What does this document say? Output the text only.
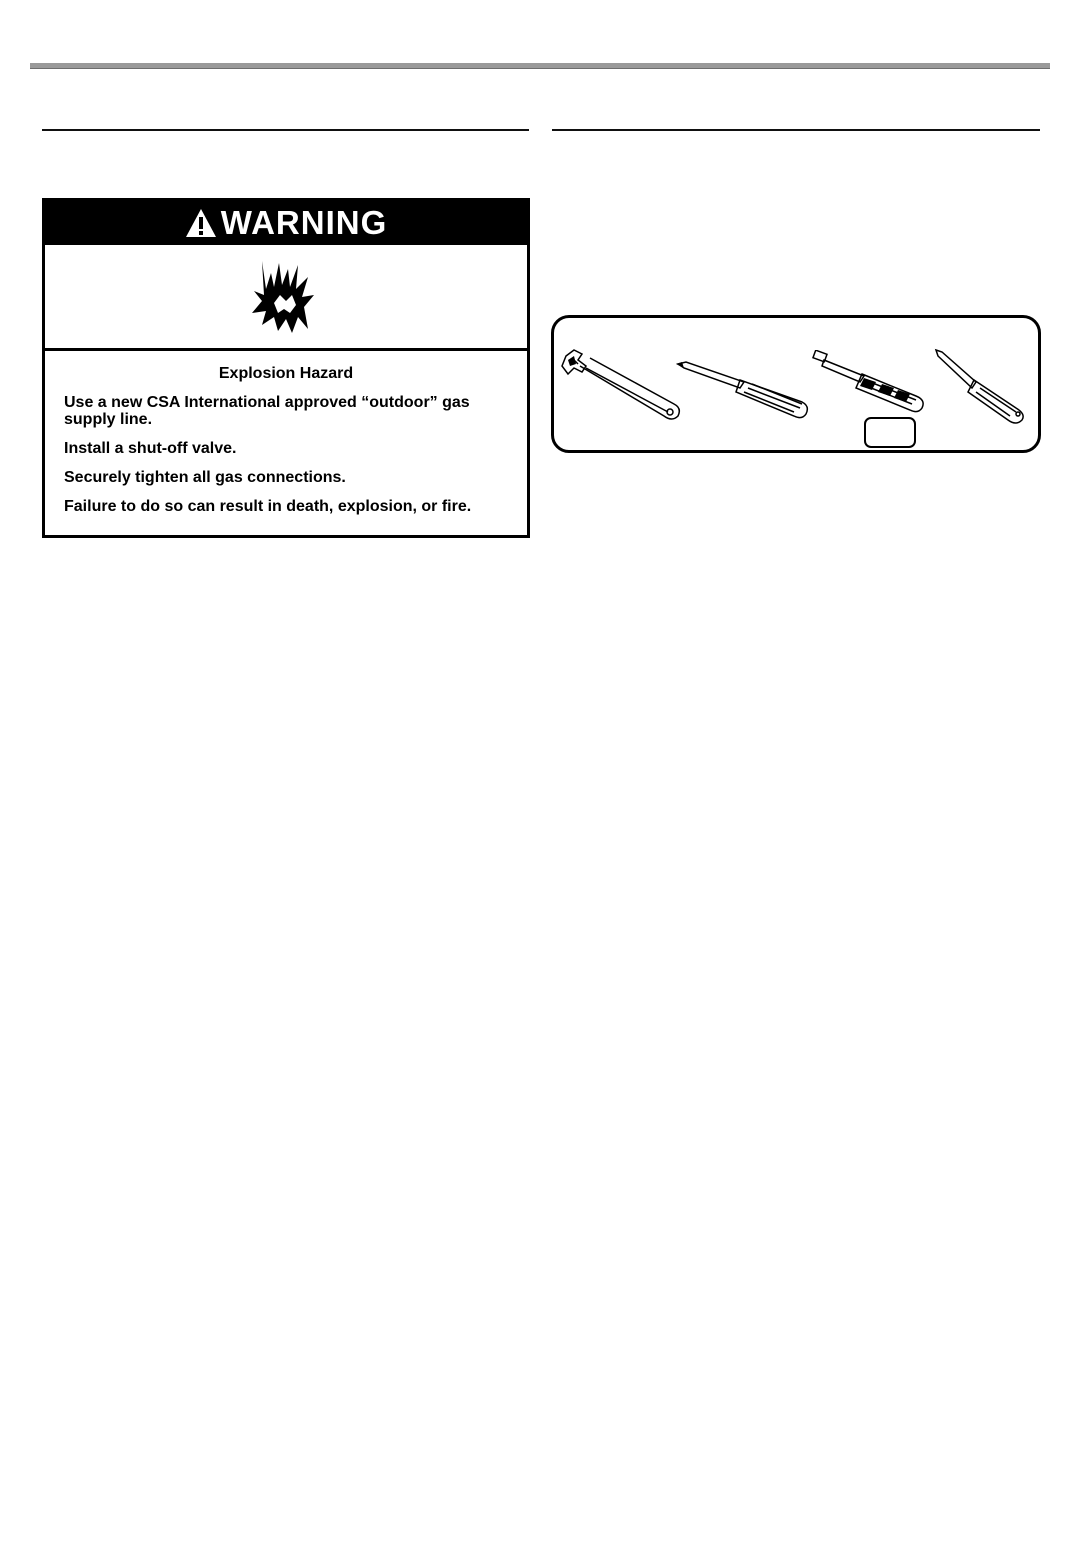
WARNING

Explosion Hazard

Use a new CSA International approved “outdoor” gas supply line.

Install a shut-off valve.

Securely tighten all gas connections.

Failure to do so can result in death, explosion, or fire.
